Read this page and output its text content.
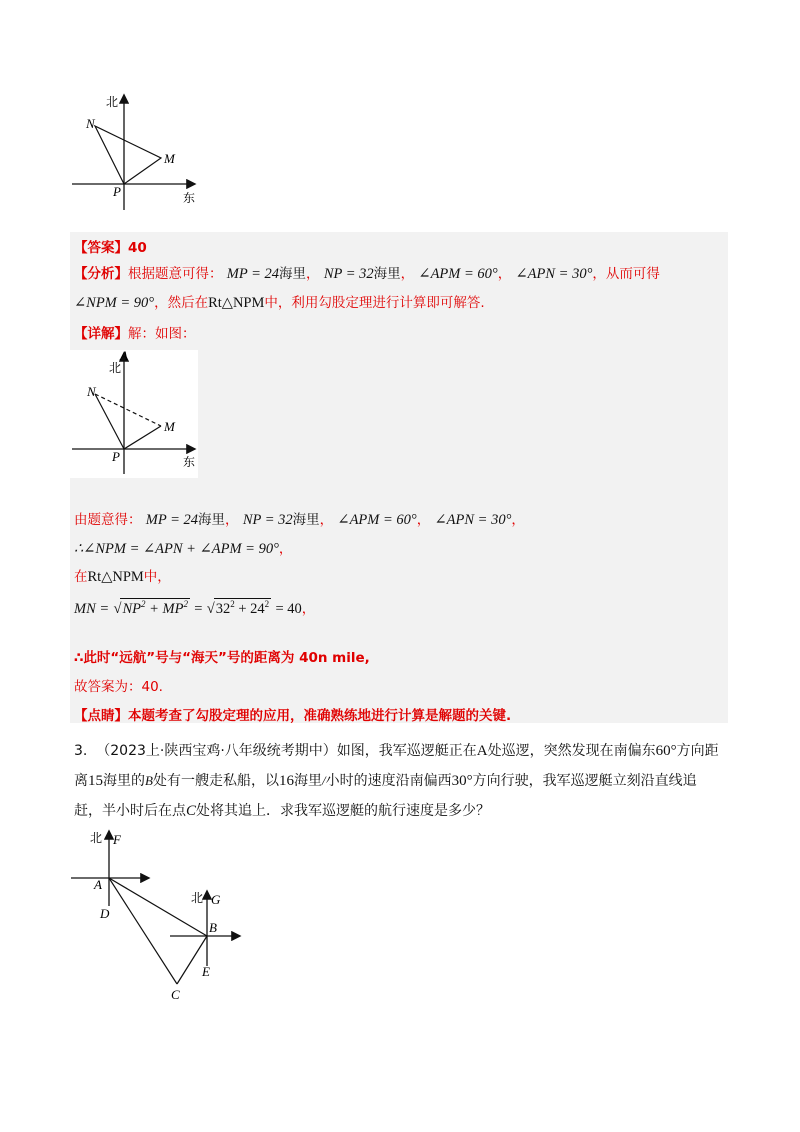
北
东
N
M
P
【答案】40
【分析】根据题意可得： MP = 24海里， NP = 32海里， ∠APM = 60°， ∠APN = 30°，从而可得
∠NPM = 90°，然后在Rt△NPM中，利用勾股定理进行计算即可解答.
【详解】解：如图：
A
北
N
M
P	东
由题意得： MP = 24海里， NP = 32海里， ∠APM = 60°， ∠APN = 30°，
∴∠NPM = ∠APN + ∠APM = 90°，
在Rt△NPM中，
MN = $√NP^2 + MP^2 = √32^2 + 24^2 = 40$，
∴此时“远航”号与“海天”号的距离为 40n mile,
故答案为：40.
【点睛】本题考查了勾股定理的应用，准确熟练地进行计算是解题的关键.
3. （2023上·陕西宝鸡·八年级统考期中）如图，我军巡逻艇正在A处巡逻，突然发现在南偏东60°方向距
离15海里的B处有一艘走私船，以16海里/小时的速度沿南偏西30°方向行驶，我军巡逻艇立刻沿直线追
赶，半小时后在点C处将其追上．求我军巡逻艇的航行速度是多少？
北 F
A
D
北 G
B
E
C
